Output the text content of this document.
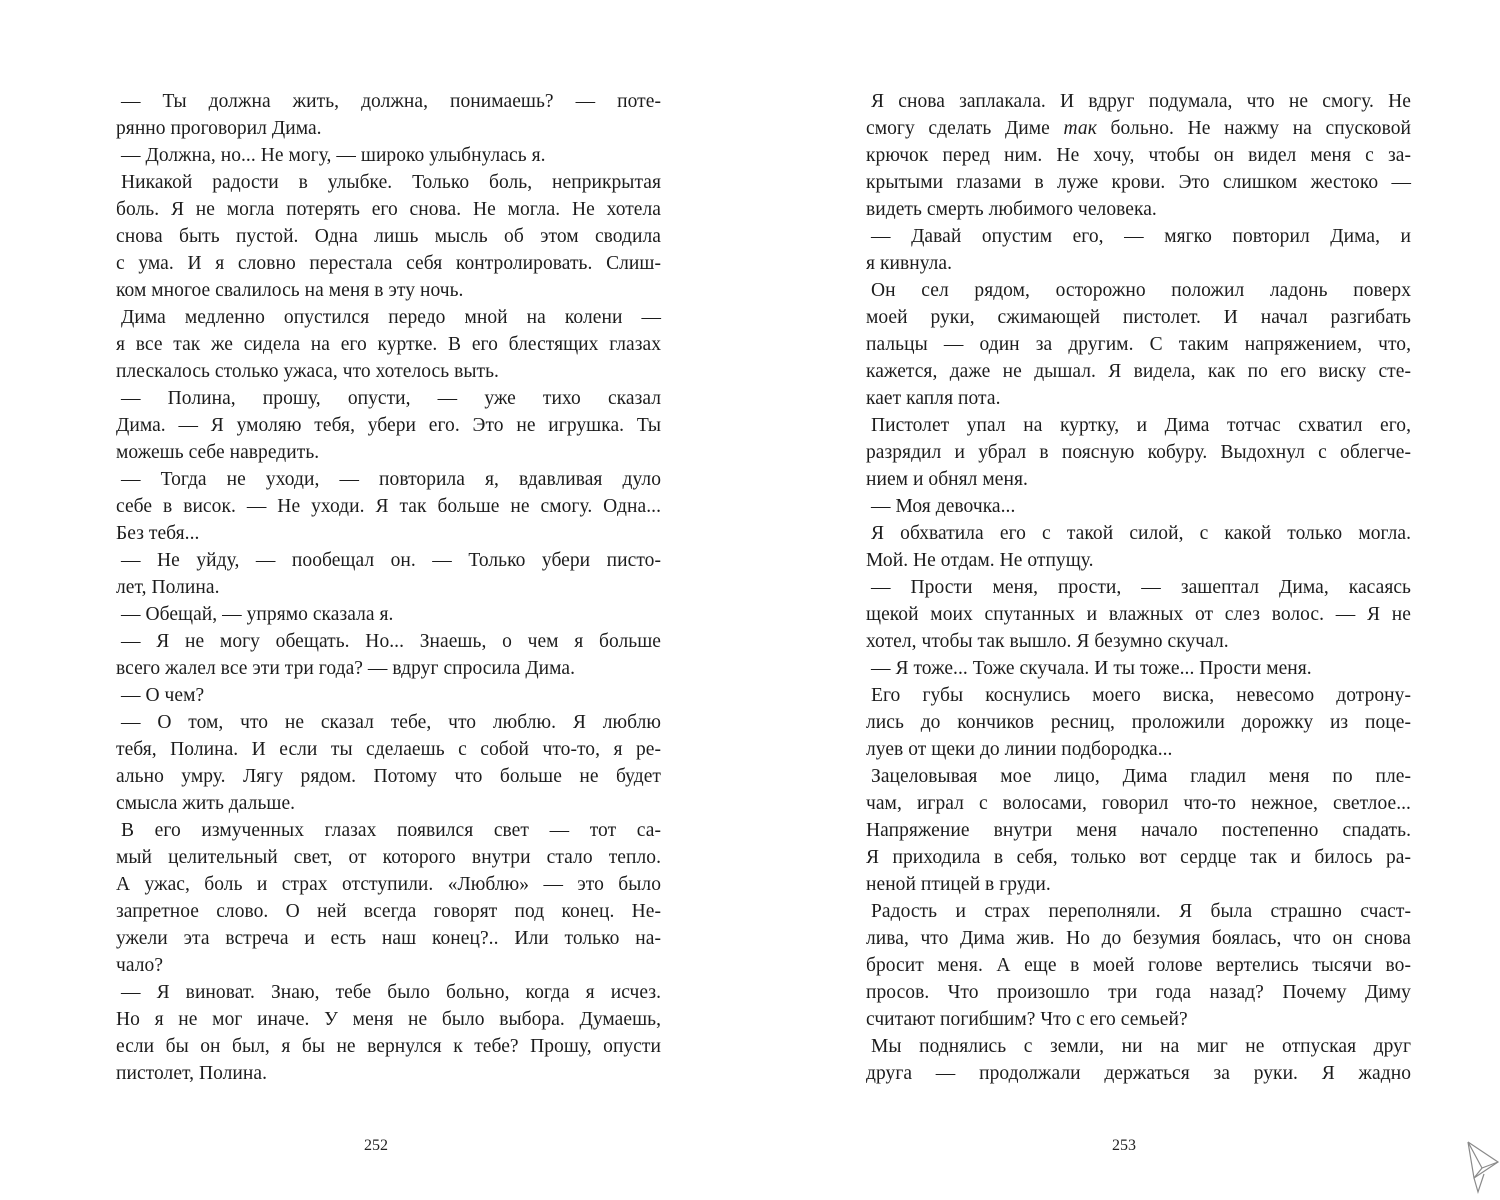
— Ты должна жить, должна, понимаешь? — поте-
рянно проговорил Дима.
— Должна, но... Не могу, — широко улыбнулась я.
Никакой радости в улыбке. Только боль, неприкрытая
боль. Я не могла потерять его снова. Не могла. Не хотела
снова быть пустой. Одна лишь мысль об этом сводила
с ума. И я словно перестала себя контролировать. Слиш-
ком многое свалилось на меня в эту ночь.
Дима медленно опустился передо мной на колени —
я все так же сидела на его куртке. В его блестящих глазах
плескалось столько ужаса, что хотелось выть.
— Полина, прошу, опусти, — уже тихо сказал
Дима. — Я умоляю тебя, убери его. Это не игрушка. Ты
можешь себе навредить.
— Тогда не уходи, — повторила я, вдавливая дуло
себе в висок. — Не уходи. Я так больше не смогу. Одна...
Без тебя...
— Не уйду, — пообещал он. — Только убери писто-
лет, Полина.
— Обещай, — упрямо сказала я.
— Я не могу обещать. Но... Знаешь, о чем я больше
всего жалел все эти три года? — вдруг спросила Дима.
— О чем?
— О том, что не сказал тебе, что люблю. Я люблю
тебя, Полина. И если ты сделаешь с собой что-то, я ре-
ально умру. Лягу рядом. Потому что больше не будет
смысла жить дальше.
В его измученных глазах появился свет — тот са-
мый целительный свет, от которого внутри стало тепло.
А ужас, боль и страх отступили. «Люблю» — это было
запретное слово. О ней всегда говорят под конец. Не-
ужели эта встреча и есть наш конец?.. Или только на-
чало?
— Я виноват. Знаю, тебе было больно, когда я исчез.
Но я не мог иначе. У меня не было выбора. Думаешь,
если бы он был, я бы не вернулся к тебе? Прошу, опусти
пистолет, Полина.
252
Я снова заплакала. И вдруг подумала, что не смогу. Не
смогу сделать Диме так больно. Не нажму на спусковой
крючок перед ним. Не хочу, чтобы он видел меня с за-
крытыми глазами в луже крови. Это слишком жестоко —
видеть смерть любимого человека.
— Давай опустим его, — мягко повторил Дима, и
я кивнула.
Он сел рядом, осторожно положил ладонь поверх
моей руки, сжимающей пистолет. И начал разгибать
пальцы — один за другим. С таким напряжением, что,
кажется, даже не дышал. Я видела, как по его виску сте-
кает капля пота.
Пистолет упал на куртку, и Дима тотчас схватил его,
разрядил и убрал в поясную кобуру. Выдохнул с облегче-
нием и обнял меня.
— Моя девочка...
Я обхватила его с такой силой, с какой только могла.
Мой. Не отдам. Не отпущу.
— Прости меня, прости, — зашептал Дима, касаясь
щекой моих спутанных и влажных от слез волос. — Я не
хотел, чтобы так вышло. Я безумно скучал.
— Я тоже... Тоже скучала. И ты тоже... Прости меня.
Его губы коснулись моего виска, невесомо дотрону-
лись до кончиков ресниц, проложили дорожку из поце-
луев от щеки до линии подбородка...
Зацеловывая мое лицо, Дима гладил меня по пле-
чам, играл с волосами, говорил что-то нежное, светлое...
Напряжение внутри меня начало постепенно спадать.
Я приходила в себя, только вот сердце так и билось ра-
неной птицей в груди.
Радость и страх переполняли. Я была страшно счаст-
лива, что Дима жив. Но до безумия боялась, что он снова
бросит меня. А еще в моей голове вертелись тысячи во-
просов. Что произошло три года назад? Почему Диму
считают погибшим? Что с его семьей?
Мы поднялись с земли, ни на миг не отпуская друг
друга — продолжали держаться за руки. Я жадно
253
